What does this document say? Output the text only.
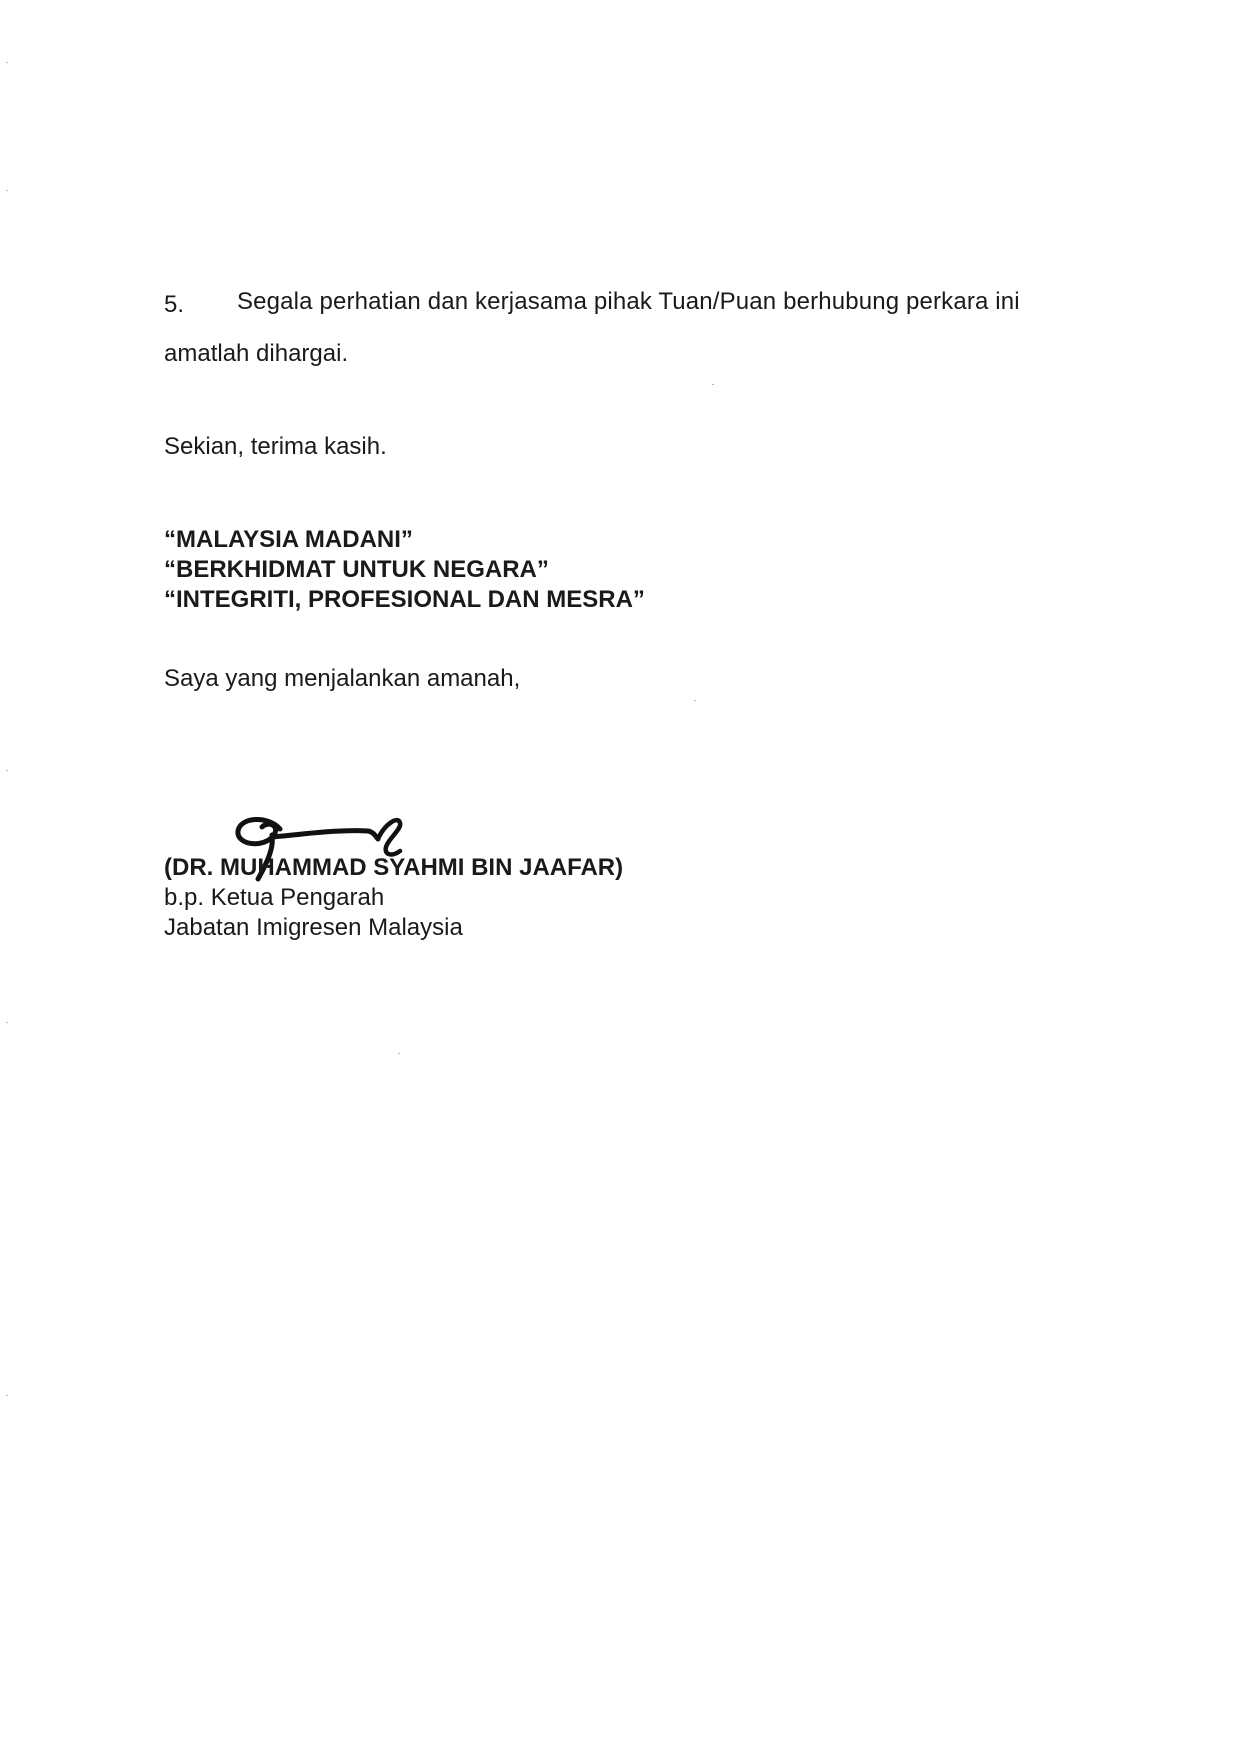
5. Segala perhatian dan kerjasama pihak Tuan/Puan berhubung perkara ini
amatlah dihargai.
Sekian, terima kasih.
“MALAYSIA MADANI”
“BERKHIDMAT UNTUK NEGARA”
“INTEGRITI, PROFESIONAL DAN MESRA”
Saya yang menjalankan amanah,
(DR. MUHAMMAD SYAHMI BIN JAAFAR)
b.p. Ketua Pengarah
Jabatan Imigresen Malaysia
